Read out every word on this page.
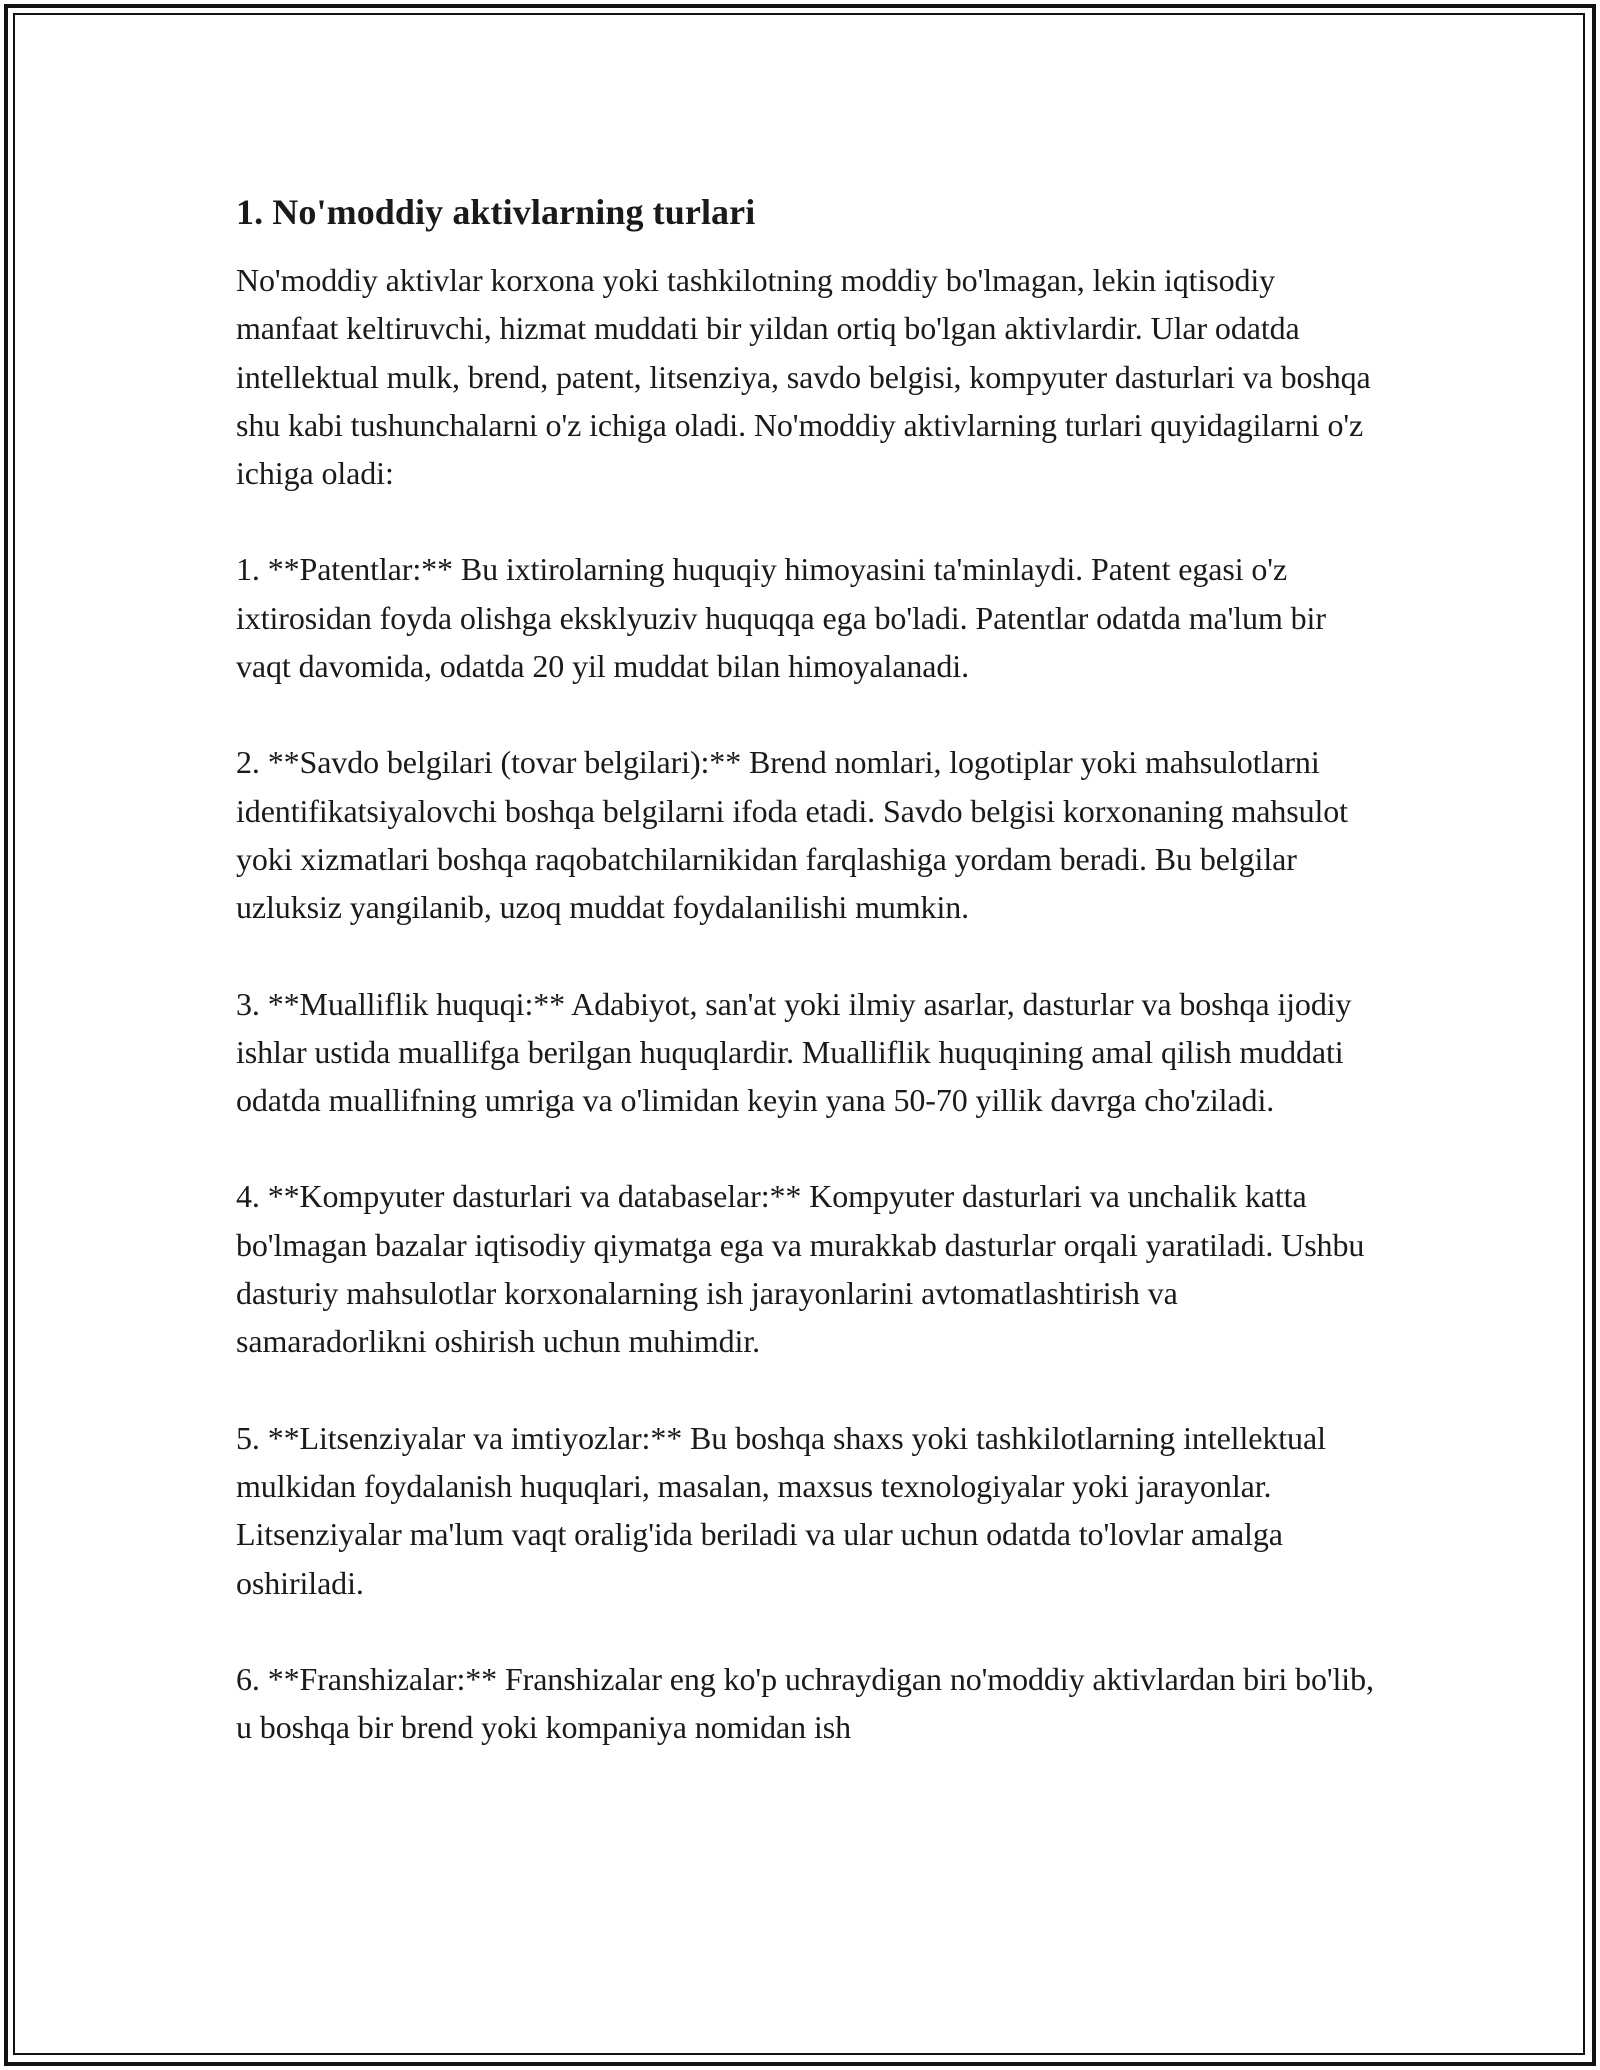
1. No'moddiy aktivlarning turlari

No'moddiy aktivlar korxona yoki tashkilotning moddiy bo'lmagan, lekin iqtisodiy manfaat keltiruvchi, hizmat muddati bir yildan ortiq bo'lgan aktivlardir. Ular odatda intellektual mulk, brend, patent, litsenziya, savdo belgisi, kompyuter dasturlari va boshqa shu kabi tushunchalarni o'z ichiga oladi. No'moddiy aktivlarning turlari quyidagilarni o'z ichiga oladi:

1. **Patentlar:** Bu ixtirolarning huquqiy himoyasini ta'minlaydi. Patent egasi o'z ixtirosidan foyda olishga eksklyuziv huquqqa ega bo'ladi. Patentlar odatda ma'lum bir vaqt davomida, odatda 20 yil muddat bilan himoyalanadi.

2. **Savdo belgilari (tovar belgilari):** Brend nomlari, logotiplar yoki mahsulotlarni identifikatsiyalovchi boshqa belgilarni ifoda etadi. Savdo belgisi korxonaning mahsulot yoki xizmatlari boshqa raqobatchilarnikidan farqlashiga yordam beradi. Bu belgilar uzluksiz yangilanib, uzoq muddat foydalanilishi mumkin.

3. **Mualliflik huquqi:** Adabiyot, san'at yoki ilmiy asarlar, dasturlar va boshqa ijodiy ishlar ustida muallifga berilgan huquqlardir. Mualliflik huquqining amal qilish muddati odatda muallifning umriga va o'limidan keyin yana 50-70 yillik davrga cho'ziladi.

4. **Kompyuter dasturlari va databaselar:** Kompyuter dasturlari va unchalik katta bo'lmagan bazalar iqtisodiy qiymatga ega va murakkab dasturlar orqali yaratiladi. Ushbu dasturiy mahsulotlar korxonalarning ish jarayonlarini avtomatlashtirish va samaradorlikni oshirish uchun muhimdir.

5. **Litsenziyalar va imtiyozlar:** Bu boshqa shaxs yoki tashkilotlarning intellektual mulkidan foydalanish huquqlari, masalan, maxsus texnologiyalar yoki jarayonlar. Litsenziyalar ma'lum vaqt oralig'ida beriladi va ular uchun odatda to'lovlar amalga oshiriladi.

6. **Franshizalar:** Franshizalar eng ko'p uchraydigan no'moddiy aktivlardan biri bo'lib, u boshqa bir brend yoki kompaniya nomidan ish
